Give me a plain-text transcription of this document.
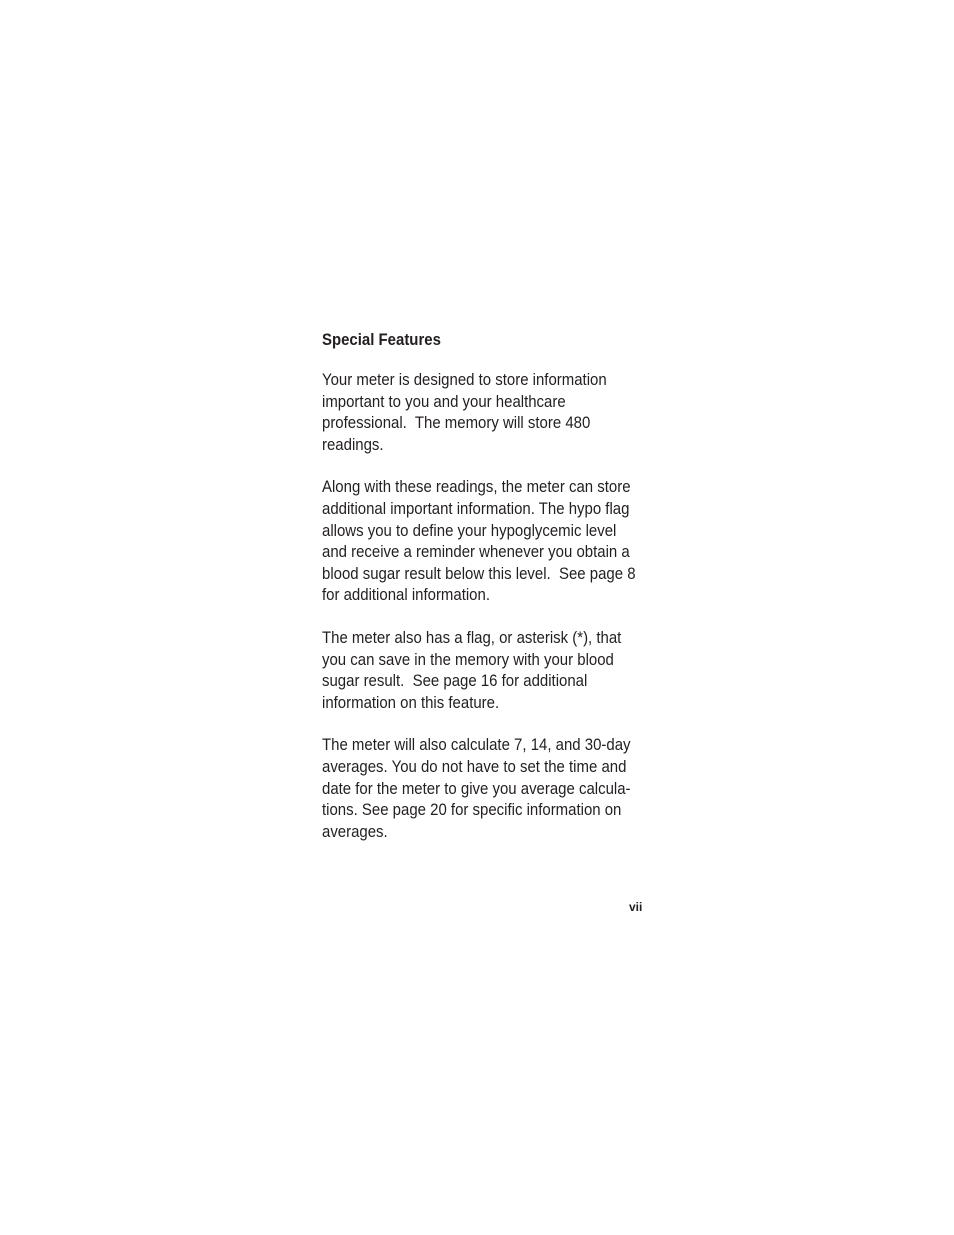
Special Features
Your meter is designed to store information
important to you and your healthcare
professional.  The memory will store 480
readings.
Along with these readings, the meter can store
additional important information. The hypo flag
allows you to define your hypoglycemic level
and receive a reminder whenever you obtain a
blood sugar result below this level.  See page 8
for additional information.
The meter also has a flag, or asterisk (*), that
you can save in the memory with your blood
sugar result.  See page 16 for additional
information on this feature.
The meter will also calculate 7, 14, and 30-day
averages. You do not have to set the time and
date for the meter to give you average calcula-
tions. See page 20 for specific information on
averages.
vii
